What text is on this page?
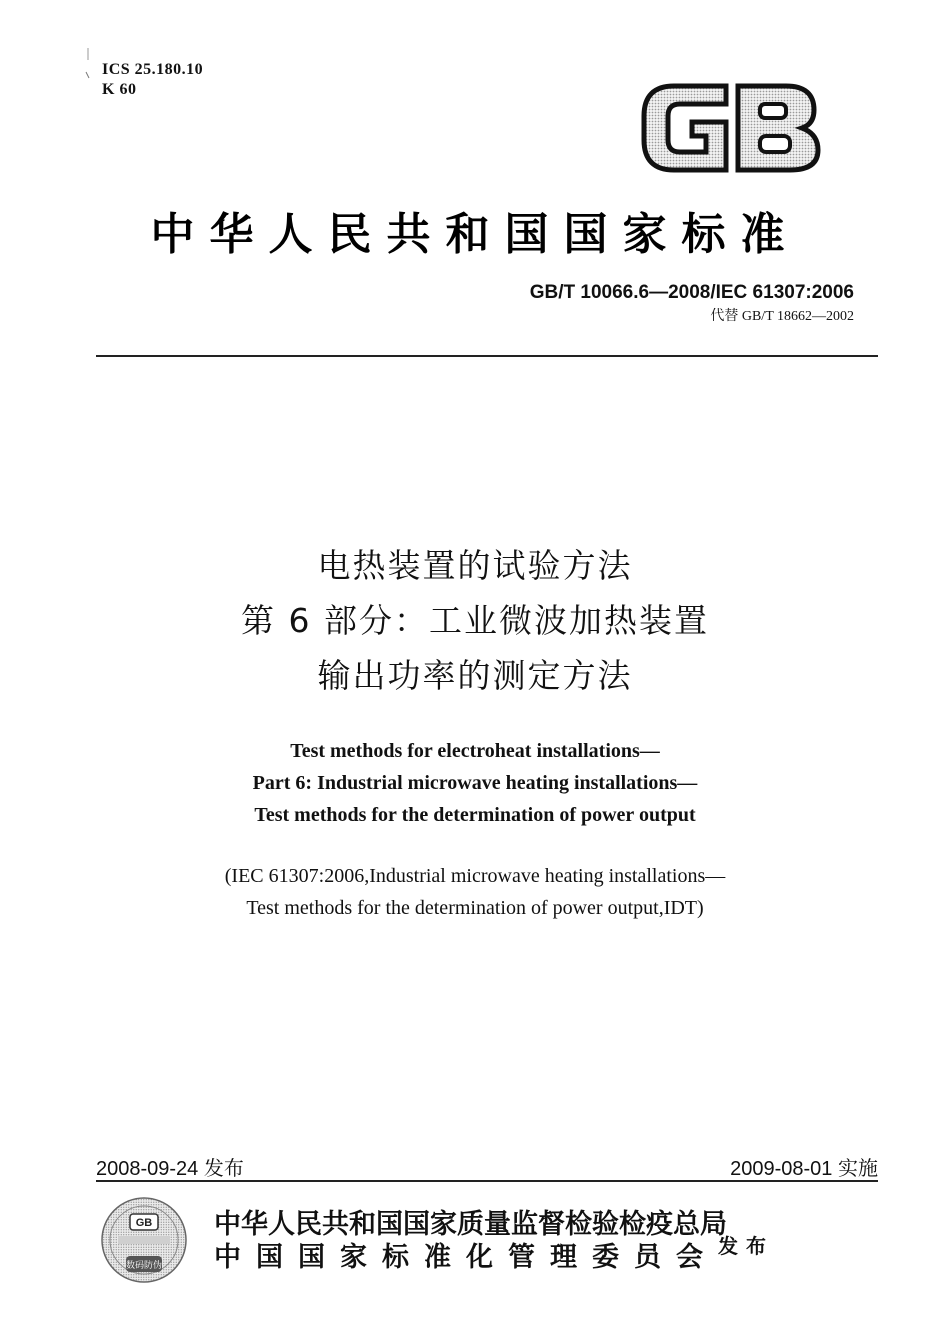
ICS 25.180.10
K 60
中华人民共和国国家标准
GB/T 10066.6—2008/IEC 61307:2006
代替 GB/T 18662—2002
电热装置的试验方法
第 6 部分：工业微波加热装置
输出功率的测定方法
Test methods for electroheat installations—
Part 6: Industrial microwave heating installations—
Test methods for the determination of power output
(IEC 61307:2006,Industrial microwave heating installations—
Test methods for the determination of power output,IDT)
2008-09-24 发布	2009-08-01 实施
GB
数码防伪
中华人民共和国国家质量监督检验检疫总局
中国国家标准化管理委员会 发布
